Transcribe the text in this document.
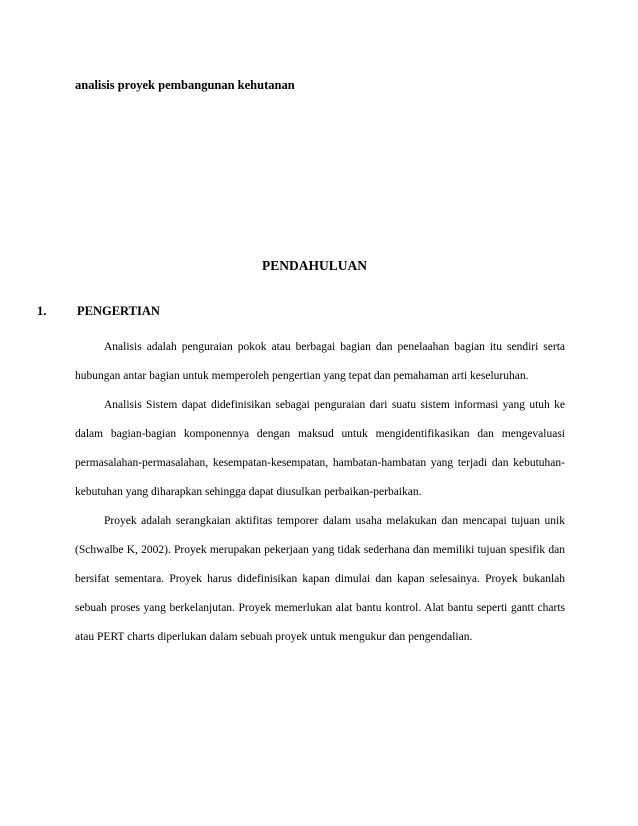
analisis proyek pembangunan kehutanan
PENDAHULUAN
1. PENGERTIAN

Analisis adalah penguraian pokok atau berbagai bagian dan penelaahan bagian itu sendiri serta hubungan antar bagian untuk memperoleh pengertian yang tepat dan pemahaman arti keseluruhan.

Analisis Sistem dapat didefinisikan sebagai penguraian dari suatu sistem informasi yang utuh ke dalam bagian-bagian komponennya dengan maksud untuk mengidentifikasikan dan mengevaluasi permasalahan-permasalahan, kesempatan-kesempatan, hambatan-hambatan yang terjadi dan kebutuhan-kebutuhan yang diharapkan sehingga dapat diusulkan perbaikan-perbaikan.

Proyek adalah serangkaian aktifitas temporer dalam usaha melakukan dan mencapai tujuan unik (Schwalbe K, 2002). Proyek merupakan pekerjaan yang tidak sederhana dan memiliki tujuan spesifik dan bersifat sementara. Proyek harus didefinisikan kapan dimulai dan kapan selesainya. Proyek bukanlah sebuah proses yang berkelanjutan. Proyek memerlukan alat bantu kontrol. Alat bantu seperti gantt charts atau PERT charts diperlukan dalam sebuah proyek untuk mengukur dan pengendalian.
